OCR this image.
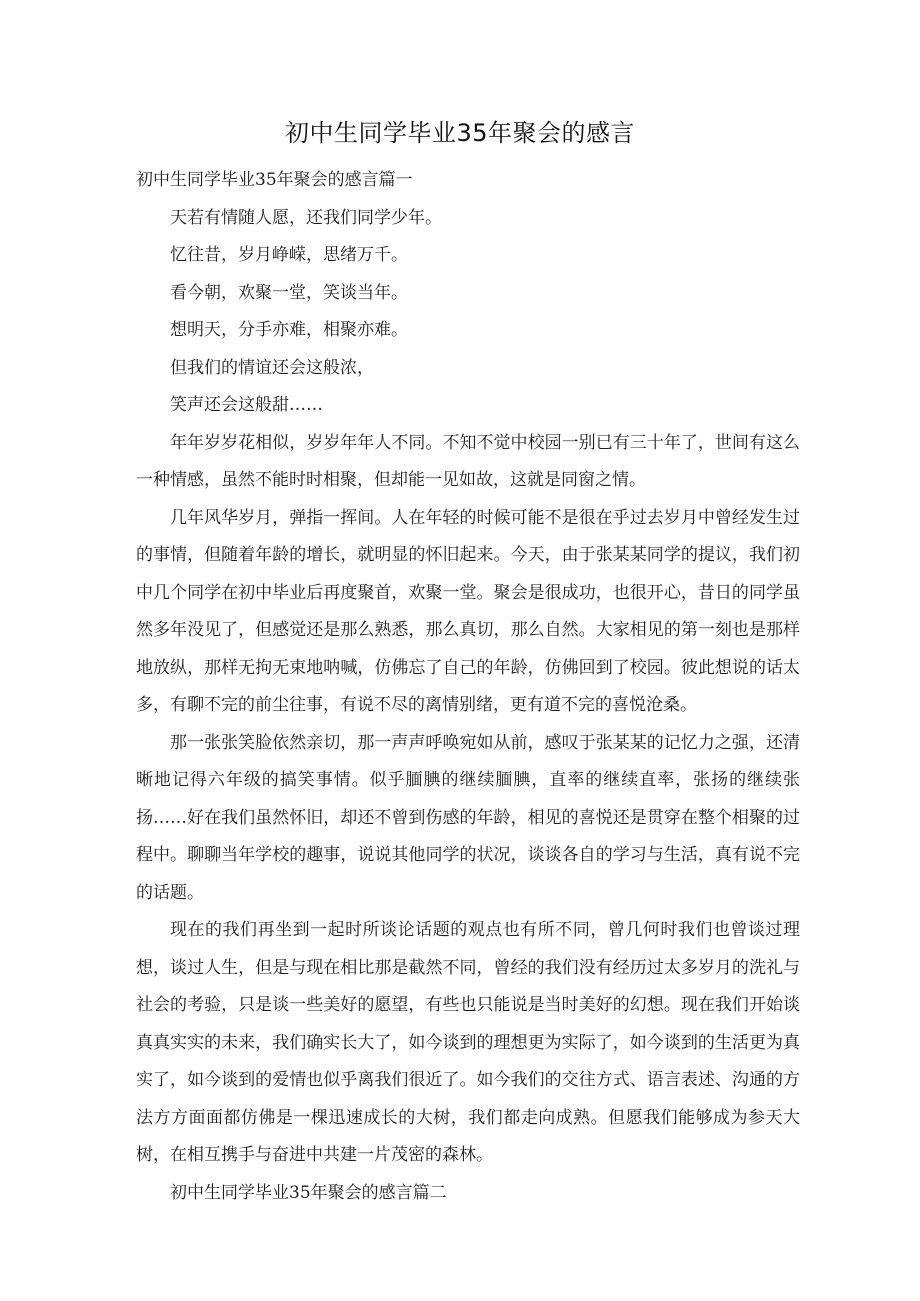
初中生同学毕业35年聚会的感言

初中生同学毕业35年聚会的感言篇一

天若有情随人愿，还我们同学少年。

忆往昔，岁月峥嵘，思绪万千。

看今朝，欢聚一堂，笑谈当年。

想明天，分手亦难，相聚亦难。

但我们的情谊还会这般浓，

笑声还会这般甜……

年年岁岁花相似，岁岁年年人不同。不知不觉中校园一别已有三十年了，世间有这么一种情感，虽然不能时时相聚，但却能一见如故，这就是同窗之情。

几年风华岁月，弹指一挥间。人在年轻的时候可能不是很在乎过去岁月中曾经发生过的事情，但随着年龄的增长，就明显的怀旧起来。今天，由于张某某同学的提议，我们初中几个同学在初中毕业后再度聚首，欢聚一堂。聚会是很成功，也很开心，昔日的同学虽然多年没见了，但感觉还是那么熟悉，那么真切，那么自然。大家相见的第一刻也是那样地放纵，那样无拘无束地呐喊，仿佛忘了自己的年龄，仿佛回到了校园。彼此想说的话太多，有聊不完的前尘往事，有说不尽的离情别绪，更有道不完的喜悦沧桑。

那一张张笑脸依然亲切，那一声声呼唤宛如从前，感叹于张某某的记忆力之强，还清晰地记得六年级的搞笑事情。似乎腼腆的继续腼腆，直率的继续直率，张扬的继续张扬……好在我们虽然怀旧，却还不曾到伤感的年龄，相见的喜悦还是贯穿在整个相聚的过程中。聊聊当年学校的趣事，说说其他同学的状况，谈谈各自的学习与生活，真有说不完的话题。

现在的我们再坐到一起时所谈论话题的观点也有所不同，曾几何时我们也曾谈过理想，谈过人生，但是与现在相比那是截然不同，曾经的我们没有经历过太多岁月的洗礼与社会的考验，只是谈一些美好的愿望，有些也只能说是当时美好的幻想。现在我们开始谈真真实实的未来，我们确实长大了，如今谈到的理想更为实际了，如今谈到的生活更为真实了，如今谈到的爱情也似乎离我们很近了。如今我们的交往方式、语言表述、沟通的方法方方面面都仿佛是一棵迅速成长的大树，我们都走向成熟。但愿我们能够成为参天大树，在相互携手与奋进中共建一片茂密的森林。

初中生同学毕业35年聚会的感言篇二
